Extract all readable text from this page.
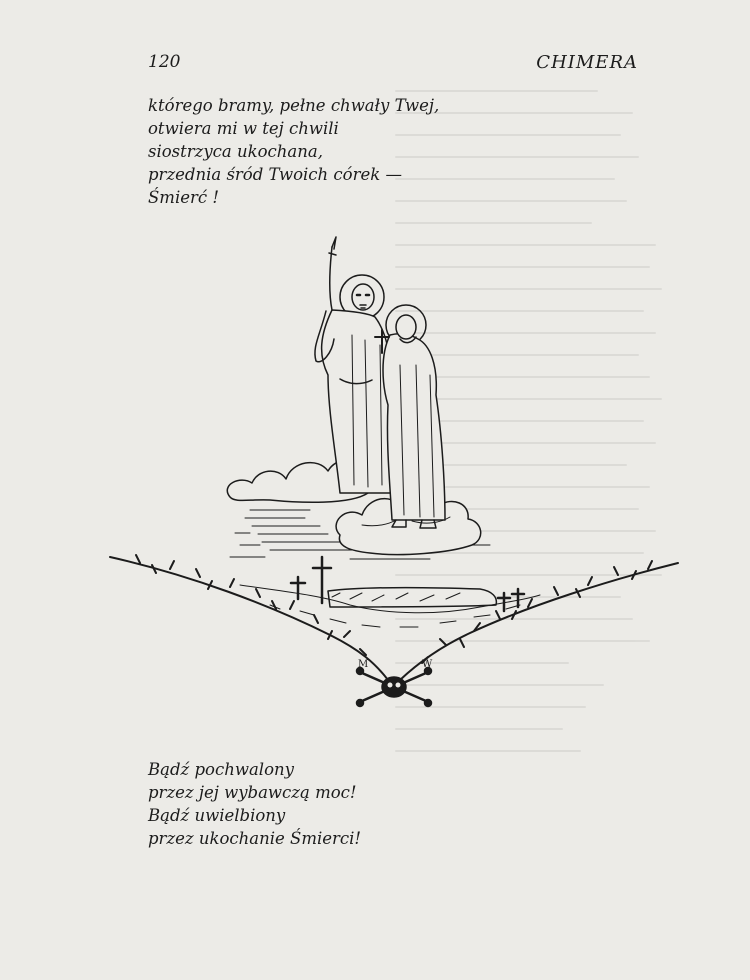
120	CHIMERA
którego bramy, pełne chwały Twej,
otwiera mi w tej chwili
siostrzyca ukochana,
przednia śród Twoich córek —
Śmierć !
M	W
Bądź pochwalony
przez jej wybawczą moc!
Bądź uwielbiony
przez ukochanie Śmierci!
